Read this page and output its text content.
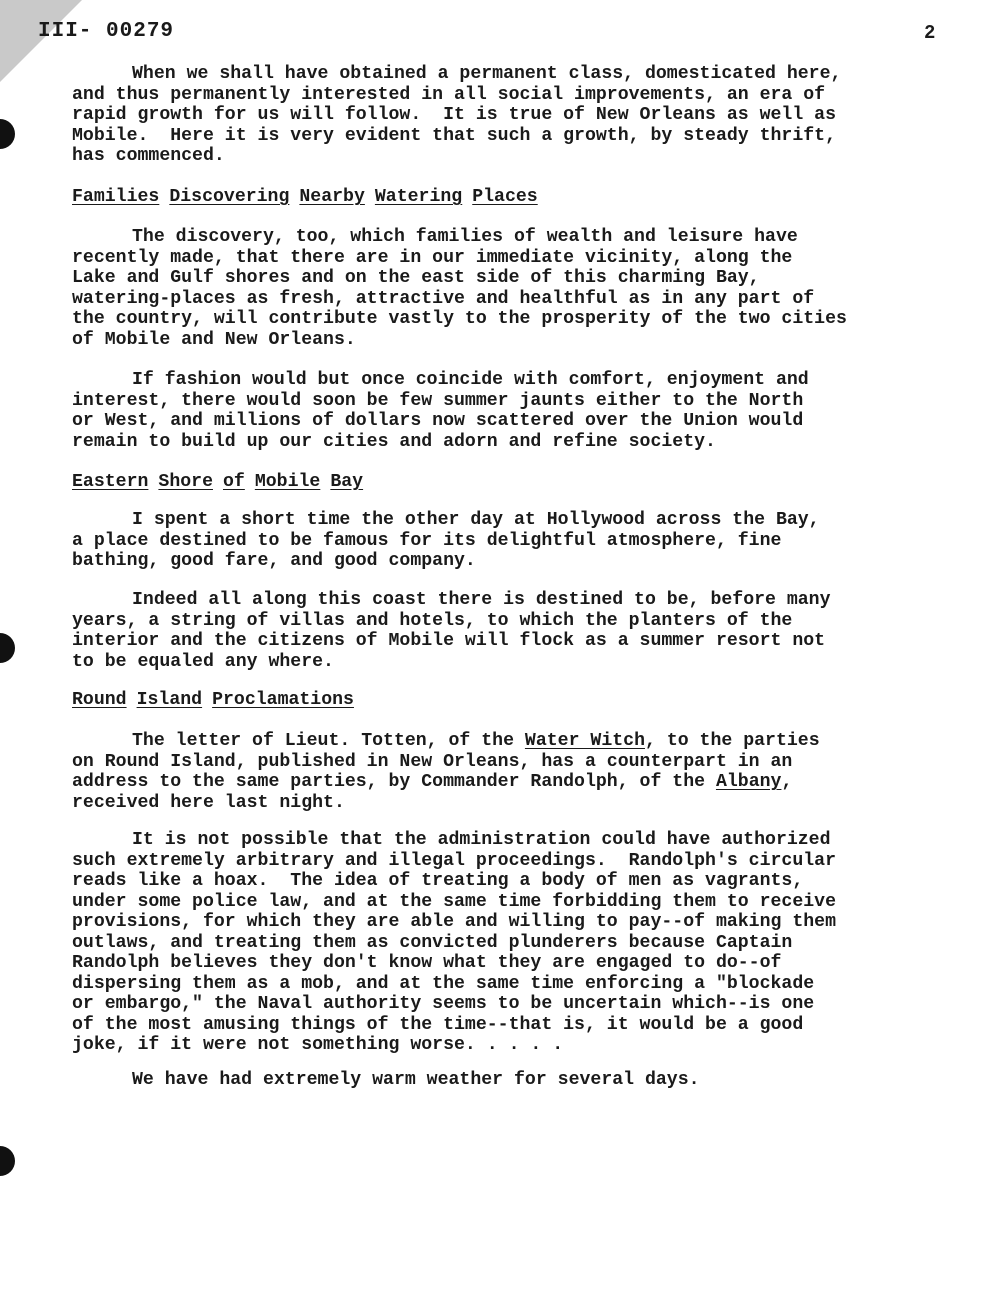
III- 00279	2
When we shall have obtained a permanent class, domesticated here,
and thus permanently interested in all social improvements, an era of
rapid growth for us will follow.  It is true of New Orleans as well as
Mobile.  Here it is very evident that such a growth, by steady thrift,
has commenced.
Families Discovering Nearby Watering Places
The discovery, too, which families of wealth and leisure have
recently made, that there are in our immediate vicinity, along the
Lake and Gulf shores and on the east side of this charming Bay,
watering-places as fresh, attractive and healthful as in any part of
the country, will contribute vastly to the prosperity of the two cities
of Mobile and New Orleans.
If fashion would but once coincide with comfort, enjoyment and
interest, there would soon be few summer jaunts either to the North
or West, and millions of dollars now scattered over the Union would
remain to build up our cities and adorn and refine society.
Eastern Shore of Mobile Bay
I spent a short time the other day at Hollywood across the Bay,
a place destined to be famous for its delightful atmosphere, fine
bathing, good fare, and good company.
Indeed all along this coast there is destined to be, before many
years, a string of villas and hotels, to which the planters of the
interior and the citizens of Mobile will flock as a summer resort not
to be equaled any where.
Round Island Proclamations
The letter of Lieut. Totten, of the Water Witch, to the parties
on Round Island, published in New Orleans, has a counterpart in an
address to the same parties, by Commander Randolph, of the Albany,
received here last night.
It is not possible that the administration could have authorized
such extremely arbitrary and illegal proceedings.  Randolph's circular
reads like a hoax.  The idea of treating a body of men as vagrants,
under some police law, and at the same time forbidding them to receive
provisions, for which they are able and willing to pay--of making them
outlaws, and treating them as convicted plunderers because Captain
Randolph believes they don't know what they are engaged to do--of
dispersing them as a mob, and at the same time enforcing a "blockade
or embargo," the Naval authority seems to be uncertain which--is one
of the most amusing things of the time--that is, it would be a good
joke, if it were not something worse. . . . .
We have had extremely warm weather for several days.
